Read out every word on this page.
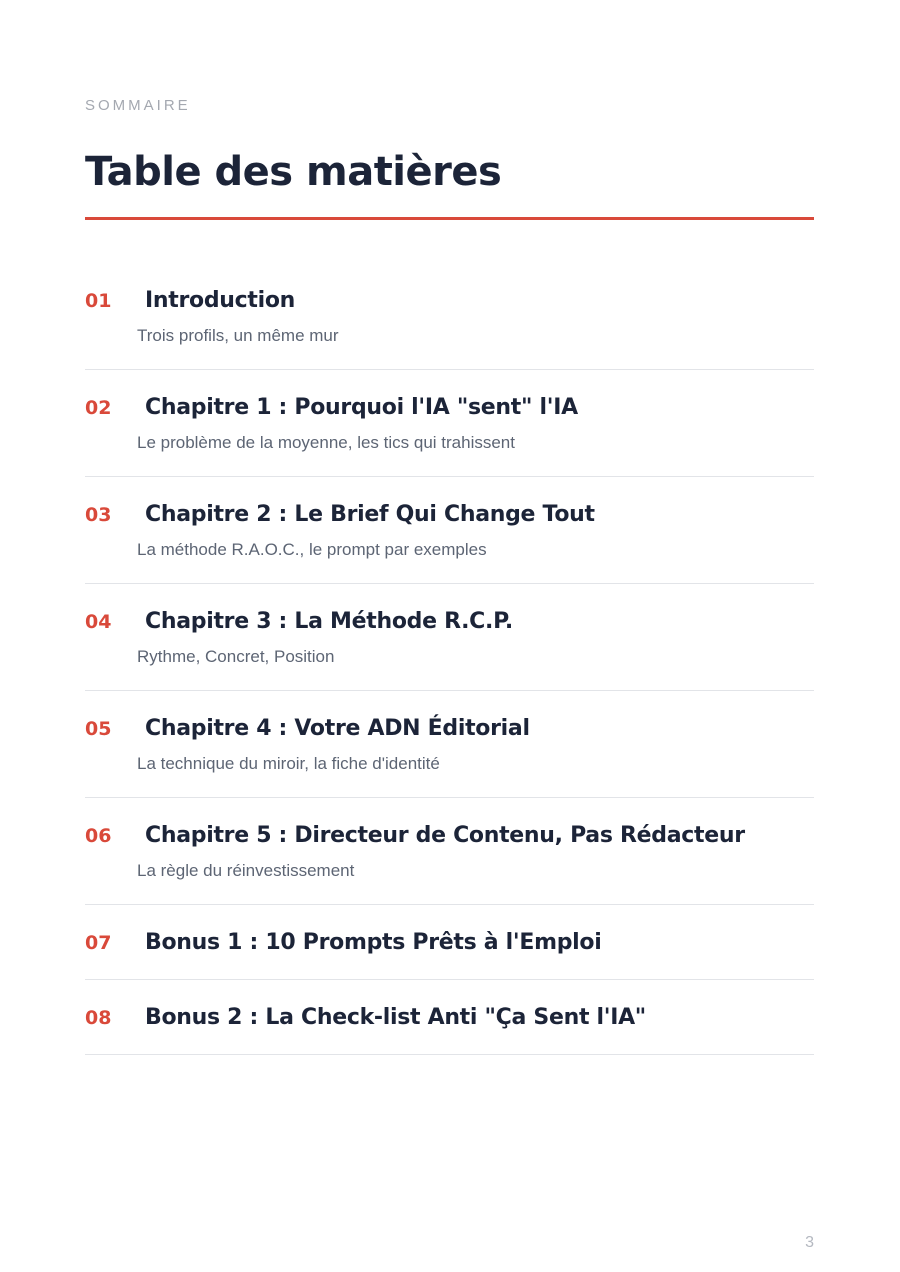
SOMMAIRE
Table des matières
01 Introduction
Trois profils, un même mur
02 Chapitre 1 : Pourquoi l'IA "sent" l'IA
Le problème de la moyenne, les tics qui trahissent
03 Chapitre 2 : Le Brief Qui Change Tout
La méthode R.A.O.C., le prompt par exemples
04 Chapitre 3 : La Méthode R.C.P.
Rythme, Concret, Position
05 Chapitre 4 : Votre ADN Éditorial
La technique du miroir, la fiche d'identité
06 Chapitre 5 : Directeur de Contenu, Pas Rédacteur
La règle du réinvestissement
07 Bonus 1 : 10 Prompts Prêts à l'Emploi
08 Bonus 2 : La Check-list Anti "Ça Sent l'IA"
3
